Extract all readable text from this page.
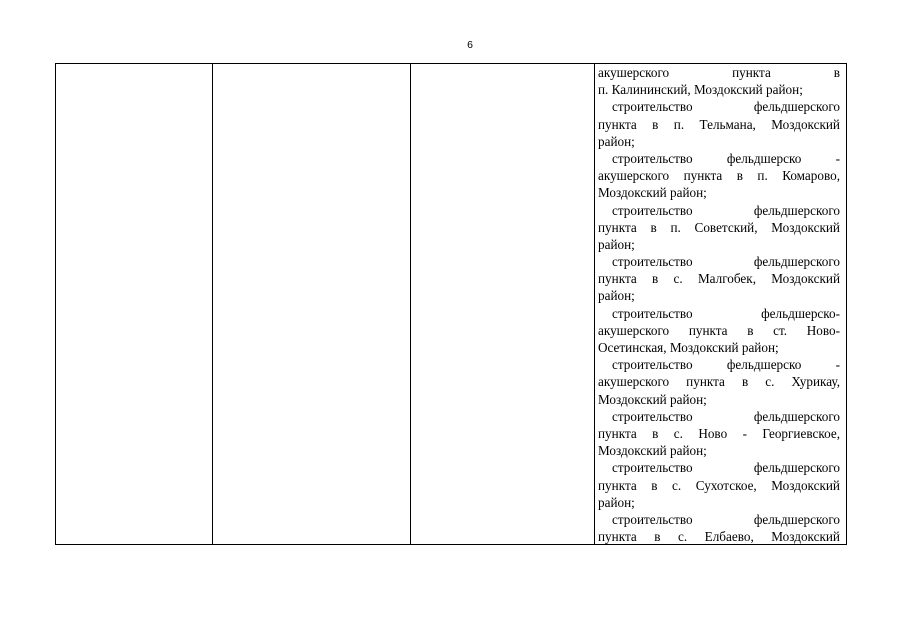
6
акушерского пункта в
п. Калининский, Моздокский район;
строительство фельдшерского
пункта в п. Тельмана, Моздокский
район;
строительство фельдшерско -
акушерского пункта в п. Комарово,
Моздокский район;
строительство фельдшерского
пункта в п. Советский, Моздокский
район;
строительство фельдшерского
пункта в с. Малгобек, Моздокский
район;
строительство фельдшерско-
акушерского пункта в ст. Ново-
Осетинская, Моздокский район;
строительство фельдшерско -
акушерского пункта в с. Хурикау,
Моздокский район;
строительство фельдшерского
пункта в с. Ново - Георгиевское,
Моздокский район;
строительство фельдшерского
пункта в с. Сухотское, Моздокский
район;
строительство фельдшерского
пункта в с. Елбаево, Моздокский
